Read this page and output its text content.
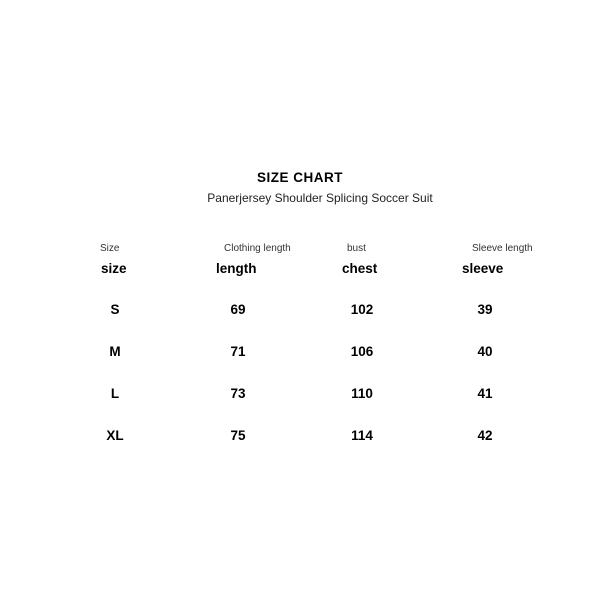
SIZE CHART
Panerjersey Shoulder Splicing Soccer Suit
Size	Clothing length	bust	Sleeve length
size	length	chest	sleeve
S	69	102	39
M	71	106	40
L	73	110	41
XL	75	114	42
